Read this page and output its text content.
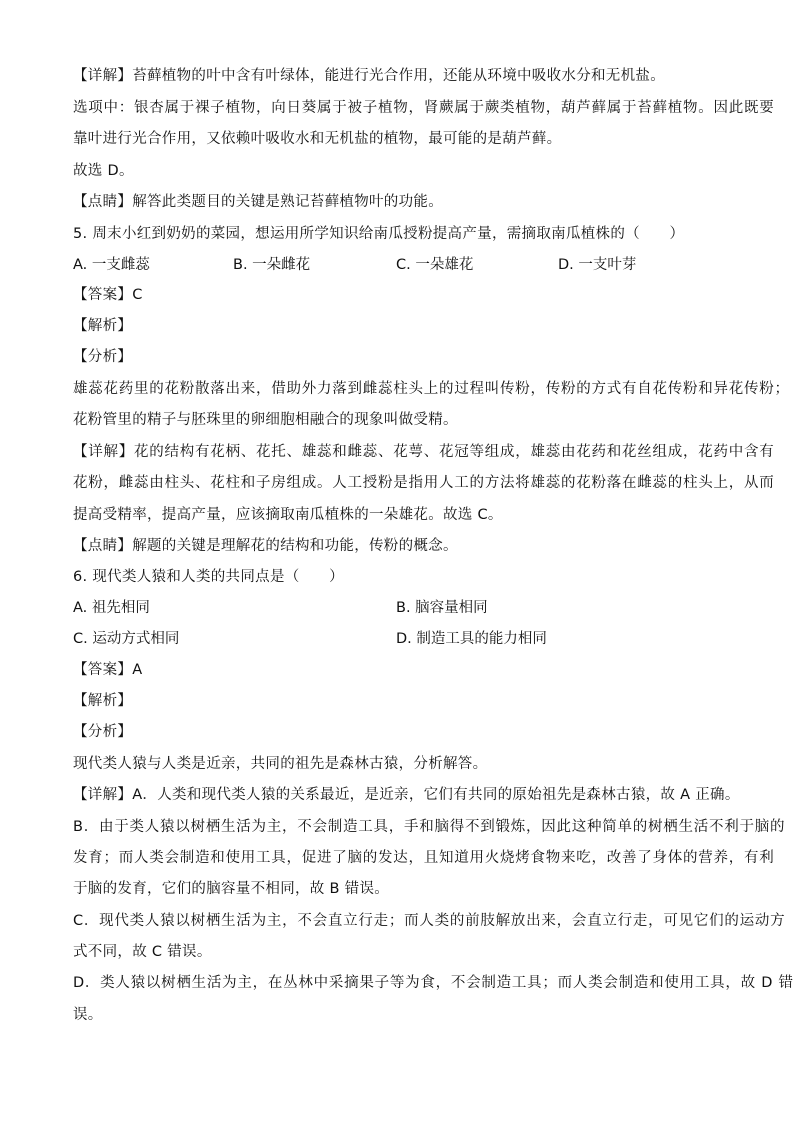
【详解】苔藓植物的叶中含有叶绿体，能进行光合作用，还能从环境中吸收水分和无机盐。
选项中：银杏属于裸子植物，向日葵属于被子植物，肾蕨属于蕨类植物，葫芦藓属于苔藓植物。因此既要
靠叶进行光合作用，又依赖叶吸收水和无机盐的植物，最可能的是葫芦藓。
故选 D。
【点睛】解答此类题目的关键是熟记苔藓植物叶的功能。
5. 周末小红到奶奶的菜园，想运用所学知识给南瓜授粉提高产量，需摘取南瓜植株的（　　）
A. 一支雌蕊	B. 一朵雌花	C. 一朵雄花	D. 一支叶芽
【答案】C
【解析】
【分析】
雄蕊花药里的花粉散落出来，借助外力落到雌蕊柱头上的过程叫传粉，传粉的方式有自花传粉和异花传粉；
花粉管里的精子与胚珠里的卵细胞相融合的现象叫做受精。
【详解】花的结构有花柄、花托、雄蕊和雌蕊、花萼、花冠等组成，雄蕊由花药和花丝组成，花药中含有
花粉，雌蕊由柱头、花柱和子房组成。人工授粉是指用人工的方法将雄蕊的花粉落在雌蕊的柱头上，从而
提高受精率，提高产量，应该摘取南瓜植株的一朵雄花。故选 C。
【点睛】解题的关键是理解花的结构和功能，传粉的概念。
6. 现代类人猿和人类的共同点是（　　）
A. 祖先相同	B. 脑容量相同
C. 运动方式相同	D. 制造工具的能力相同
【答案】A
【解析】
【分析】
现代类人猿与人类是近亲，共同的祖先是森林古猿，分析解答。
【详解】A．人类和现代类人猿的关系最近，是近亲，它们有共同的原始祖先是森林古猿，故 A 正确。
B．由于类人猿以树栖生活为主，不会制造工具，手和脑得不到锻炼，因此这种简单的树栖生活不利于脑的
发育；而人类会制造和使用工具，促进了脑的发达，且知道用火烧烤食物来吃，改善了身体的营养，有利
于脑的发育，它们的脑容量不相同，故 B 错误。
C．现代类人猿以树栖生活为主，不会直立行走；而人类的前肢解放出来，会直立行走，可见它们的运动方
式不同，故 C 错误。
D．类人猿以树栖生活为主，在丛林中采摘果子等为食，不会制造工具；而人类会制造和使用工具，故 D 错
误。
